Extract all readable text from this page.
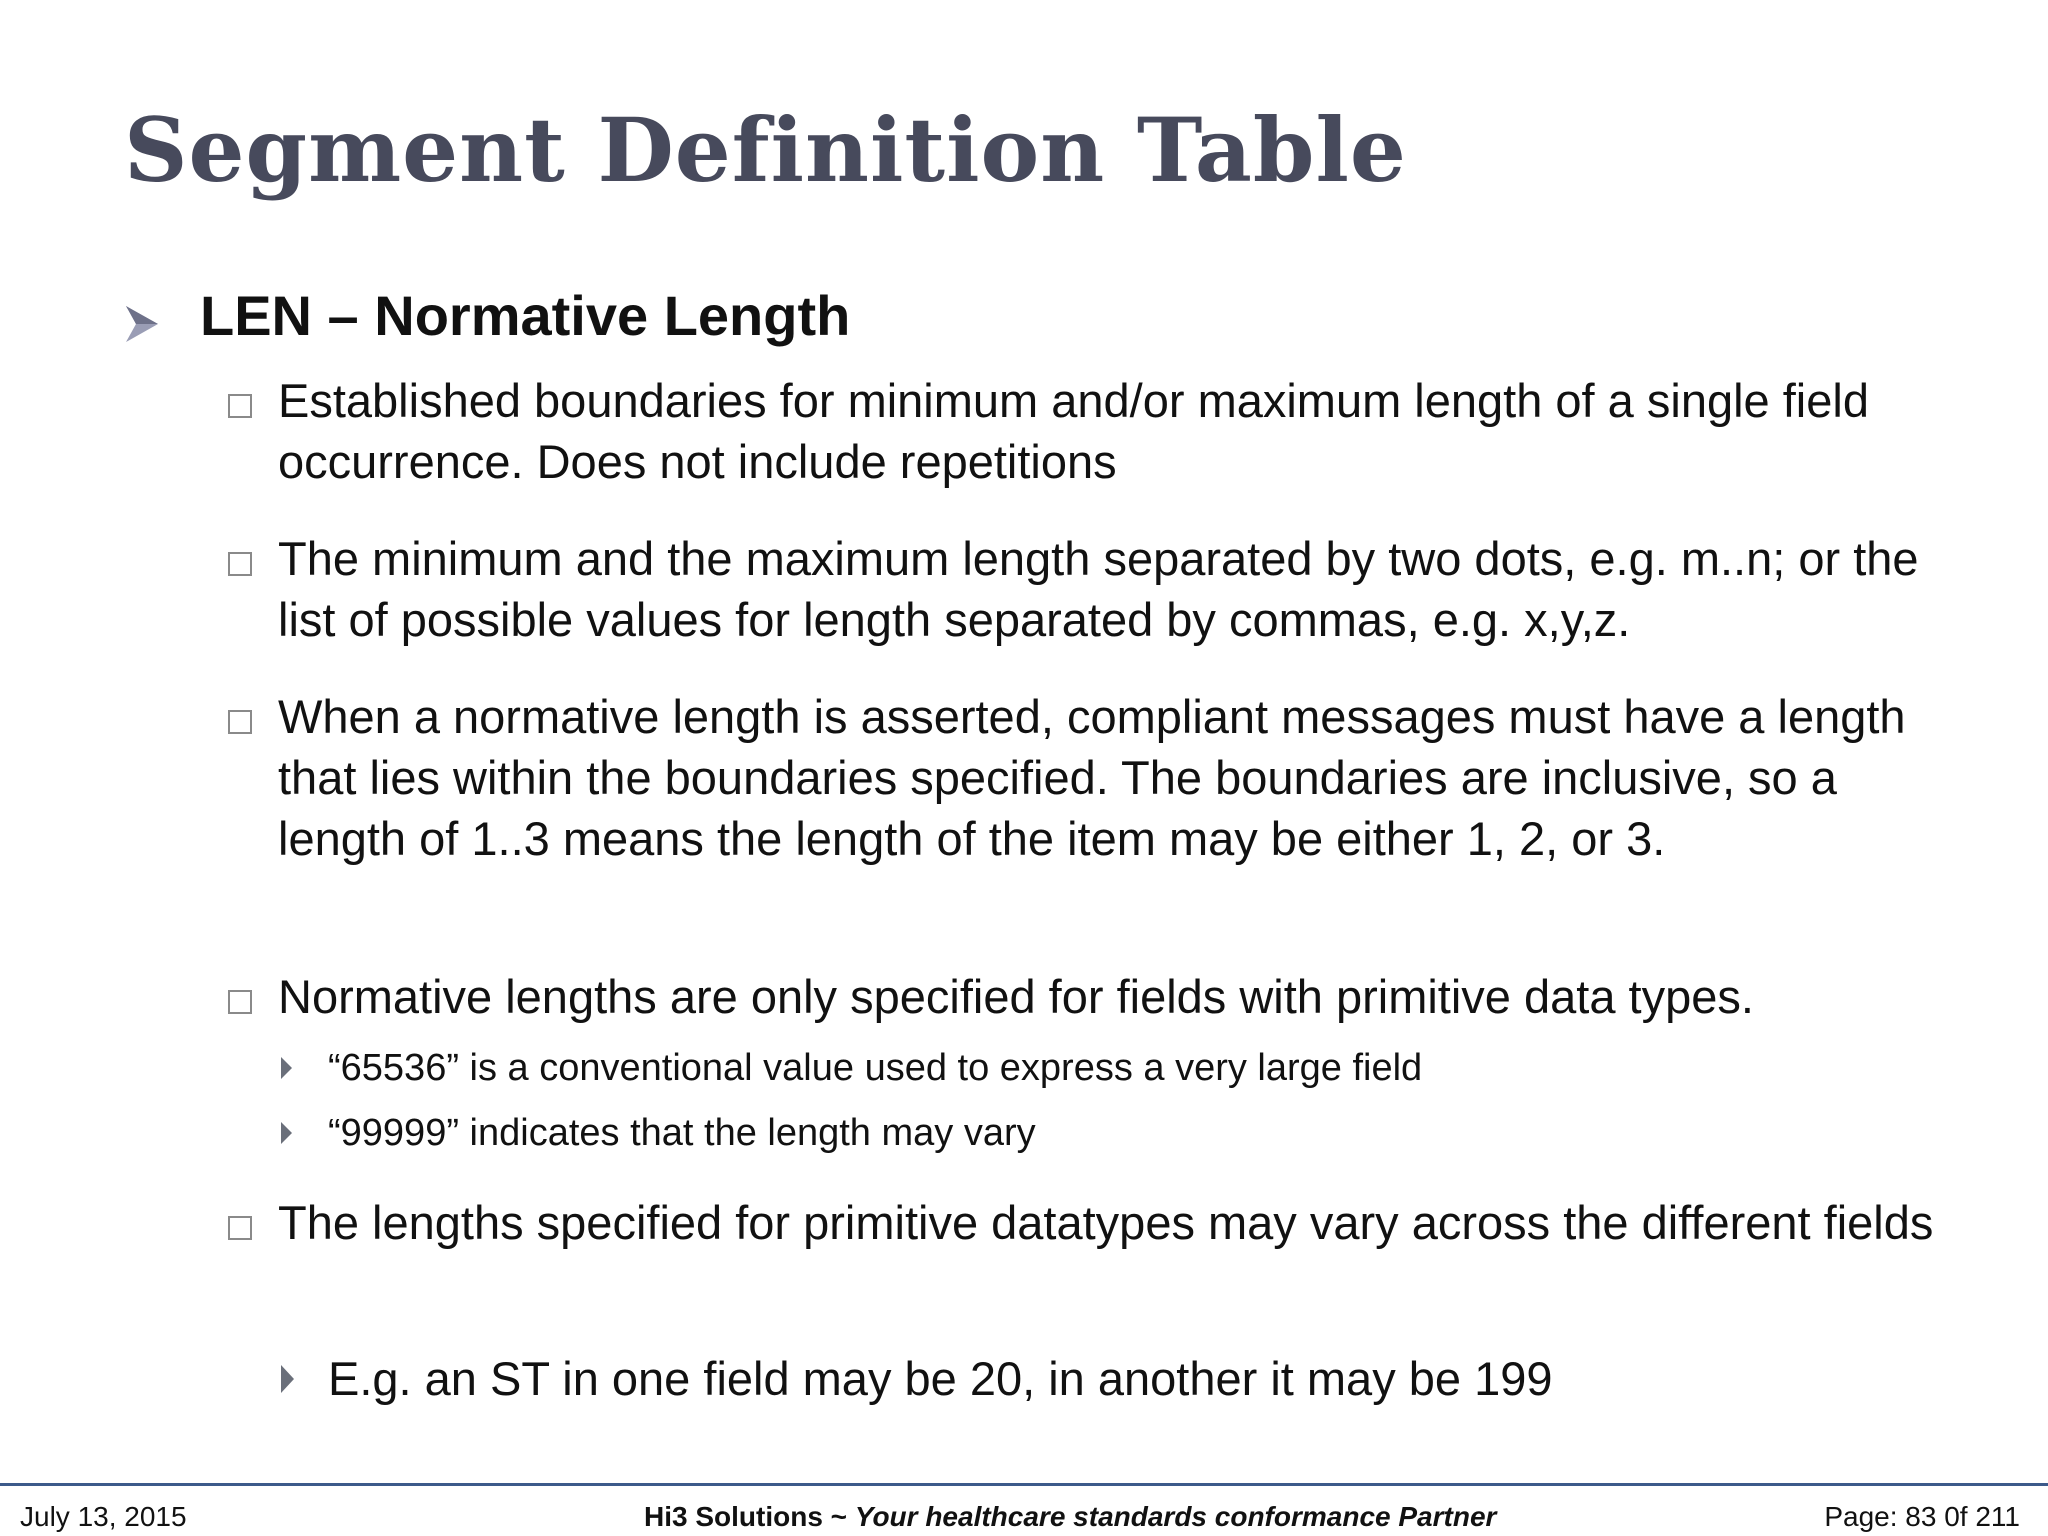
Segment Definition Table
LEN – Normative Length
Established boundaries for minimum and/or maximum length of a single field occurrence. Does not include repetitions
The minimum and the maximum length separated by two dots, e.g. m..n; or the list of possible values for length separated by commas, e.g. x,y,z.
When a normative length is asserted, compliant messages must have a length that lies within the boundaries specified. The boundaries are inclusive, so a length of 1..3 means the length of the item may be either 1, 2, or 3.
Normative lengths are only specified for fields with primitive data types.
“65536” is a conventional value used to express a very large field
“99999” indicates that the length may vary
The lengths specified for primitive datatypes may vary across the different fields
E.g. an ST in one field may be 20, in another it may be 199
July 13, 2015	Hi3 Solutions ~ Your healthcare standards conformance Partner	Page: 83 0f 211
